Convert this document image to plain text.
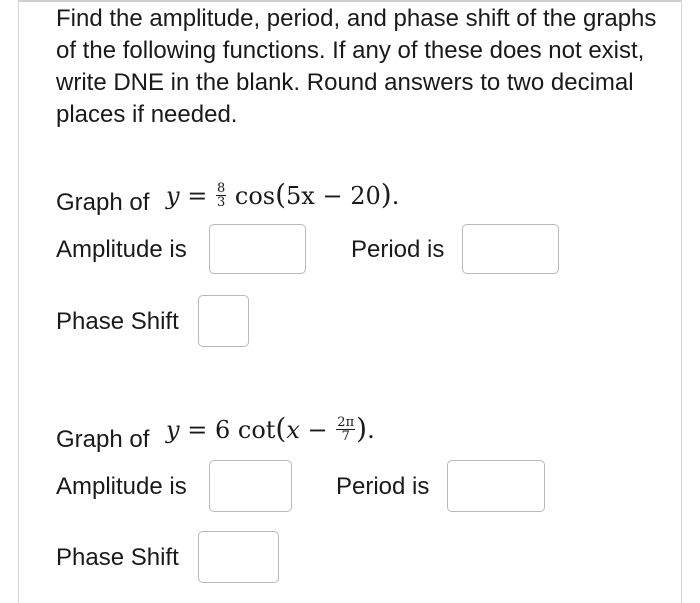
Find the amplitude, period, and phase shift of the graphs of the following functions. If any of these does not exist, write DNE in the blank. Round answers to two decimal places if needed.

Graph of $y = \frac{8}{3} \cos(5x - 20)$.
Amplitude is	Period is
Phase Shift
Graph of y = 6 $\cot(x - \frac{2\pi}{7}$ ).
Amplitude is	Period is
Phase Shift
